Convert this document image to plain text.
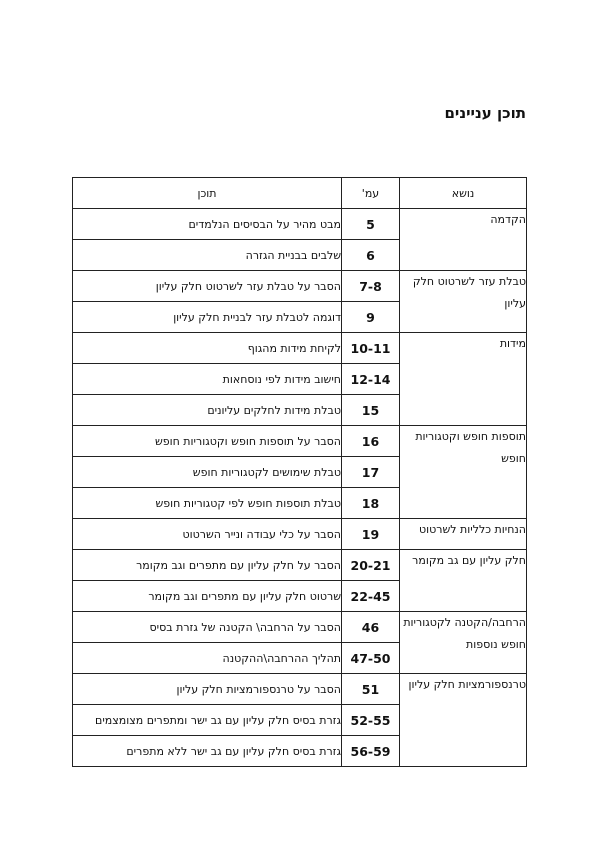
תוכן עניינים
נושא	עמ'	תוכן
הקדמה	5	מבט מהיר על הבסיסים הנלמדים
	6	שלבים בבניית הגזרה
טבלת עזר לשרטוט חלק עליון	7-8	הסבר על טבלת עזר לשרטוט חלק עליון
	9	דוגמה לטבלת עזר לבניית חלק עליון
מידות	10-11	לקיחת מידות מהגוף
	12-14	חישוב מידות לפי נוסחאות
	15	טבלת מידות לחלקים עליונים
תוספות חופש וקטגוריות חופש	16	הסבר על תוספות חופש וקטגוריות חופש
	17	טבלת שימושים לקטגוריות חופש
	18	טבלת תוספות חופש לפי קטגוריות חופש
הנחיות כלליות לשרטוט	19	הסבר על כלי עבודה ונייר השרטוט
חלק עליון עם גב מקומר	20-21	הסבר על חלק עליון עם מתפרים וגב מקומר
	22-45	שרטוט חלק עליון עם מתפרים וגב מקומר
הרחבה/הקטנה לקטגוריות חופש נוספות	46	הסבר על הרחבה\ הקטנה של גזרת בסיס
	47-50	תהליך ההרחבה\ההקטנה
טרנספורמציות חלק עליון	51	הסבר על טרנספורמציות חלק עליון
	52-55	גזרת בסיס חלק עליון עם גב ישר ומתפרים מצומצמים
	56-59	גזרת בסיס חלק עליון עם גב ישר ללא מתפרים
